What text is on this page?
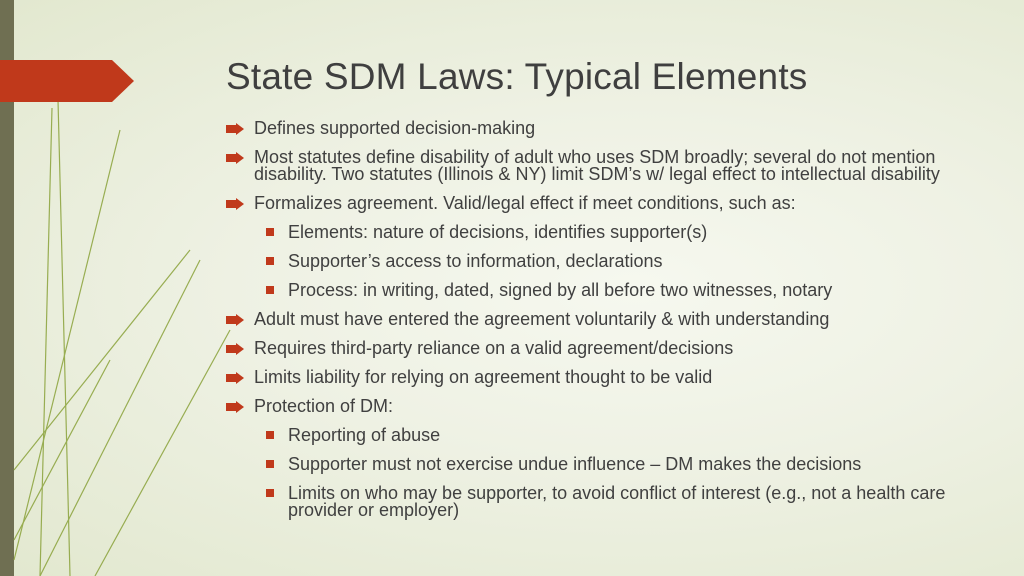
State SDM Laws: Typical Elements
Defines supported decision-making
Most statutes define disability of adult who uses SDM broadly; several do not mention disability. Two statutes (Illinois & NY) limit SDM’s w/ legal effect to intellectual disability
Formalizes agreement. Valid/legal effect if meet conditions, such as:
Elements: nature of decisions, identifies supporter(s)
Supporter’s access to information, declarations
Process: in writing, dated, signed by all before two witnesses, notary
Adult must have entered the agreement voluntarily & with understanding
Requires third-party reliance on a valid agreement/decisions
Limits liability for relying on agreement thought to be valid
Protection of DM:
Reporting of abuse
Supporter must not exercise undue influence – DM makes the decisions
Limits on who may be supporter, to avoid conflict of interest (e.g., not a health care provider or employer)
